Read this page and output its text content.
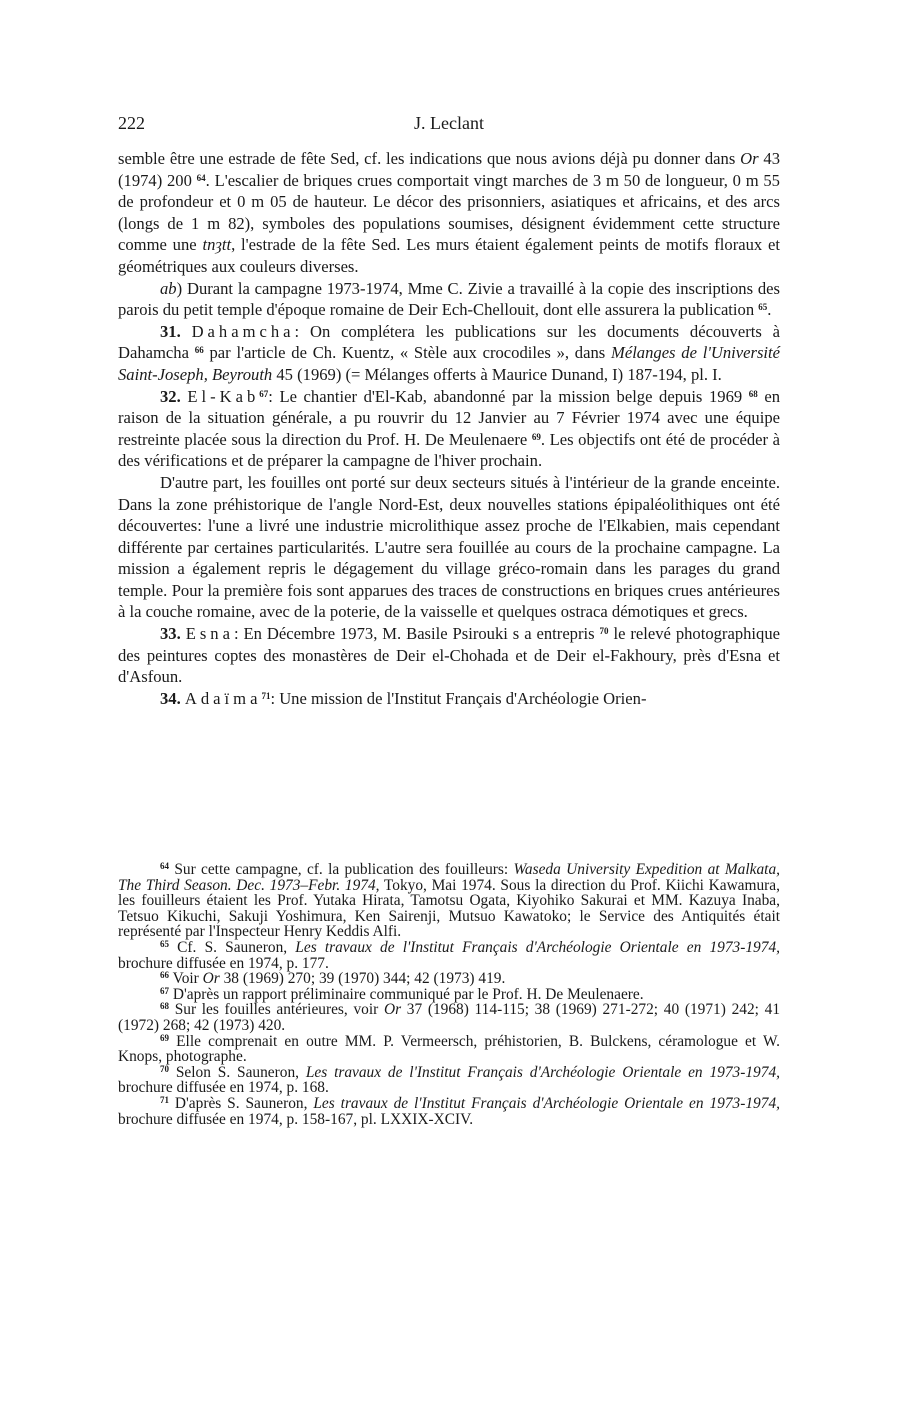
222	J. Leclant

semble être une estrade de fête Sed, cf. les indications que nous avions déjà pu donner dans Or 43 (1974) 200 $^{64}$. L'escalier de briques crues comportait vingt marches de 3 m 50 de longueur, 0 m 55 de profondeur et 0 m 05 de hauteur. Le décor des prisonniers, asiatiques et africains, et des arcs (longs de 1 m 82), symboles des populations soumises, désignent évidemment cette structure comme une tnȝtt, l'estrade de la fête Sed. Les murs étaient également peints de motifs floraux et géométriques aux couleurs diverses.

ab) Durant la campagne 1973-1974, Mme C. Zivie a travaillé à la copie des inscriptions des parois du petit temple d'époque romaine de Deir Ech-Chellouit, dont elle assurera la publication $^{65}$.

31. Dahamcha: On complétera les publications sur les documents découverts à Dahamcha $^{66}$ par l'article de Ch. Kuentz, « Stèle aux crocodiles », dans Mélanges de l'Université Saint-Joseph, Beyrouth 45 (1969) (= Mélanges offerts à Maurice Dunand, I) 187-194, pl. I.

32. El-Kab$^{67}$: Le chantier d'El-Kab, abandonné par la mission belge depuis 1969 $^{68}$ en raison de la situation générale, a pu rouvrir du 12 Janvier au 7 Février 1974 avec une équipe restreinte placée sous la direction du Prof. H. De Meulenaere $^{69}$. Les objectifs ont été de procéder à des vérifications et de préparer la campagne de l'hiver prochain.

D'autre part, les fouilles ont porté sur deux secteurs situés à l'intérieur de la grande enceinte. Dans la zone préhistorique de l'angle Nord-Est, deux nouvelles stations épipaléolithiques ont été découvertes: l'une a livré une industrie microlithique assez proche de l'Elkabien, mais cependant différente par certaines particularités. L'autre sera fouillée au cours de la prochaine campagne. La mission a également repris le dégagement du village gréco-romain dans les parages du grand temple. Pour la première fois sont apparues des traces de constructions en briques crues antérieures à la couche romaine, avec de la poterie, de la vaisselle et quelques ostraca démotiques et grecs.

33. Esna: En Décembre 1973, M. Basile Psirouki s a entrepris $^{70}$ le relevé photographique des peintures coptes des monastères de Deir el-Chohada et de Deir el-Fakhoury, près d'Esna et d'Asfoun.

34. Adaïma$^{71}$: Une mission de l'Institut Français d'Archéologie Orien-

$^{64}$ Sur cette campagne, cf. la publication des fouilleurs: Waseda University Expedition at Malkata, The Third Season. Dec. 1973–Febr. 1974, Tokyo, Mai 1974. Sous la direction du Prof. Kiichi Kawamura, les fouilleurs étaient les Prof. Yutaka Hirata, Tamotsu Ogata, Kiyohiko Sakurai et MM. Kazuya Inaba, Tetsuo Kikuchi, Sakuji Yoshimura, Ken Sairenji, Mutsuo Kawatoko; le Service des Antiquités était représenté par l'Inspecteur Henry Keddis Alfi.

$^{65}$ Cf. S. Sauneron, Les travaux de l'Institut Français d'Archéologie Orientale en 1973-1974, brochure diffusée en 1974, p. 177.

$^{66}$ Voir Or 38 (1969) 270; 39 (1970) 344; 42 (1973) 419.

$^{67}$ D'après un rapport préliminaire communiqué par le Prof. H. De Meulenaere.

$^{68}$ Sur les fouilles antérieures, voir Or 37 (1968) 114-115; 38 (1969) 271-272; 40 (1971) 242; 41 (1972) 268; 42 (1973) 420.

$^{69}$ Elle comprenait en outre MM. P. Vermeersch, préhistorien, B. Bulckens, céramologue et W. Knops, photographe.

$^{70}$ Selon S. Sauneron, Les travaux de l'Institut Français d'Archéologie Orientale en 1973-1974, brochure diffusée en 1974, p. 168.

$^{71}$ D'après S. Sauneron, Les travaux de l'Institut Français d'Archéologie Orientale en 1973-1974, brochure diffusée en 1974, p. 158-167, pl. LXXIX-XCIV.
